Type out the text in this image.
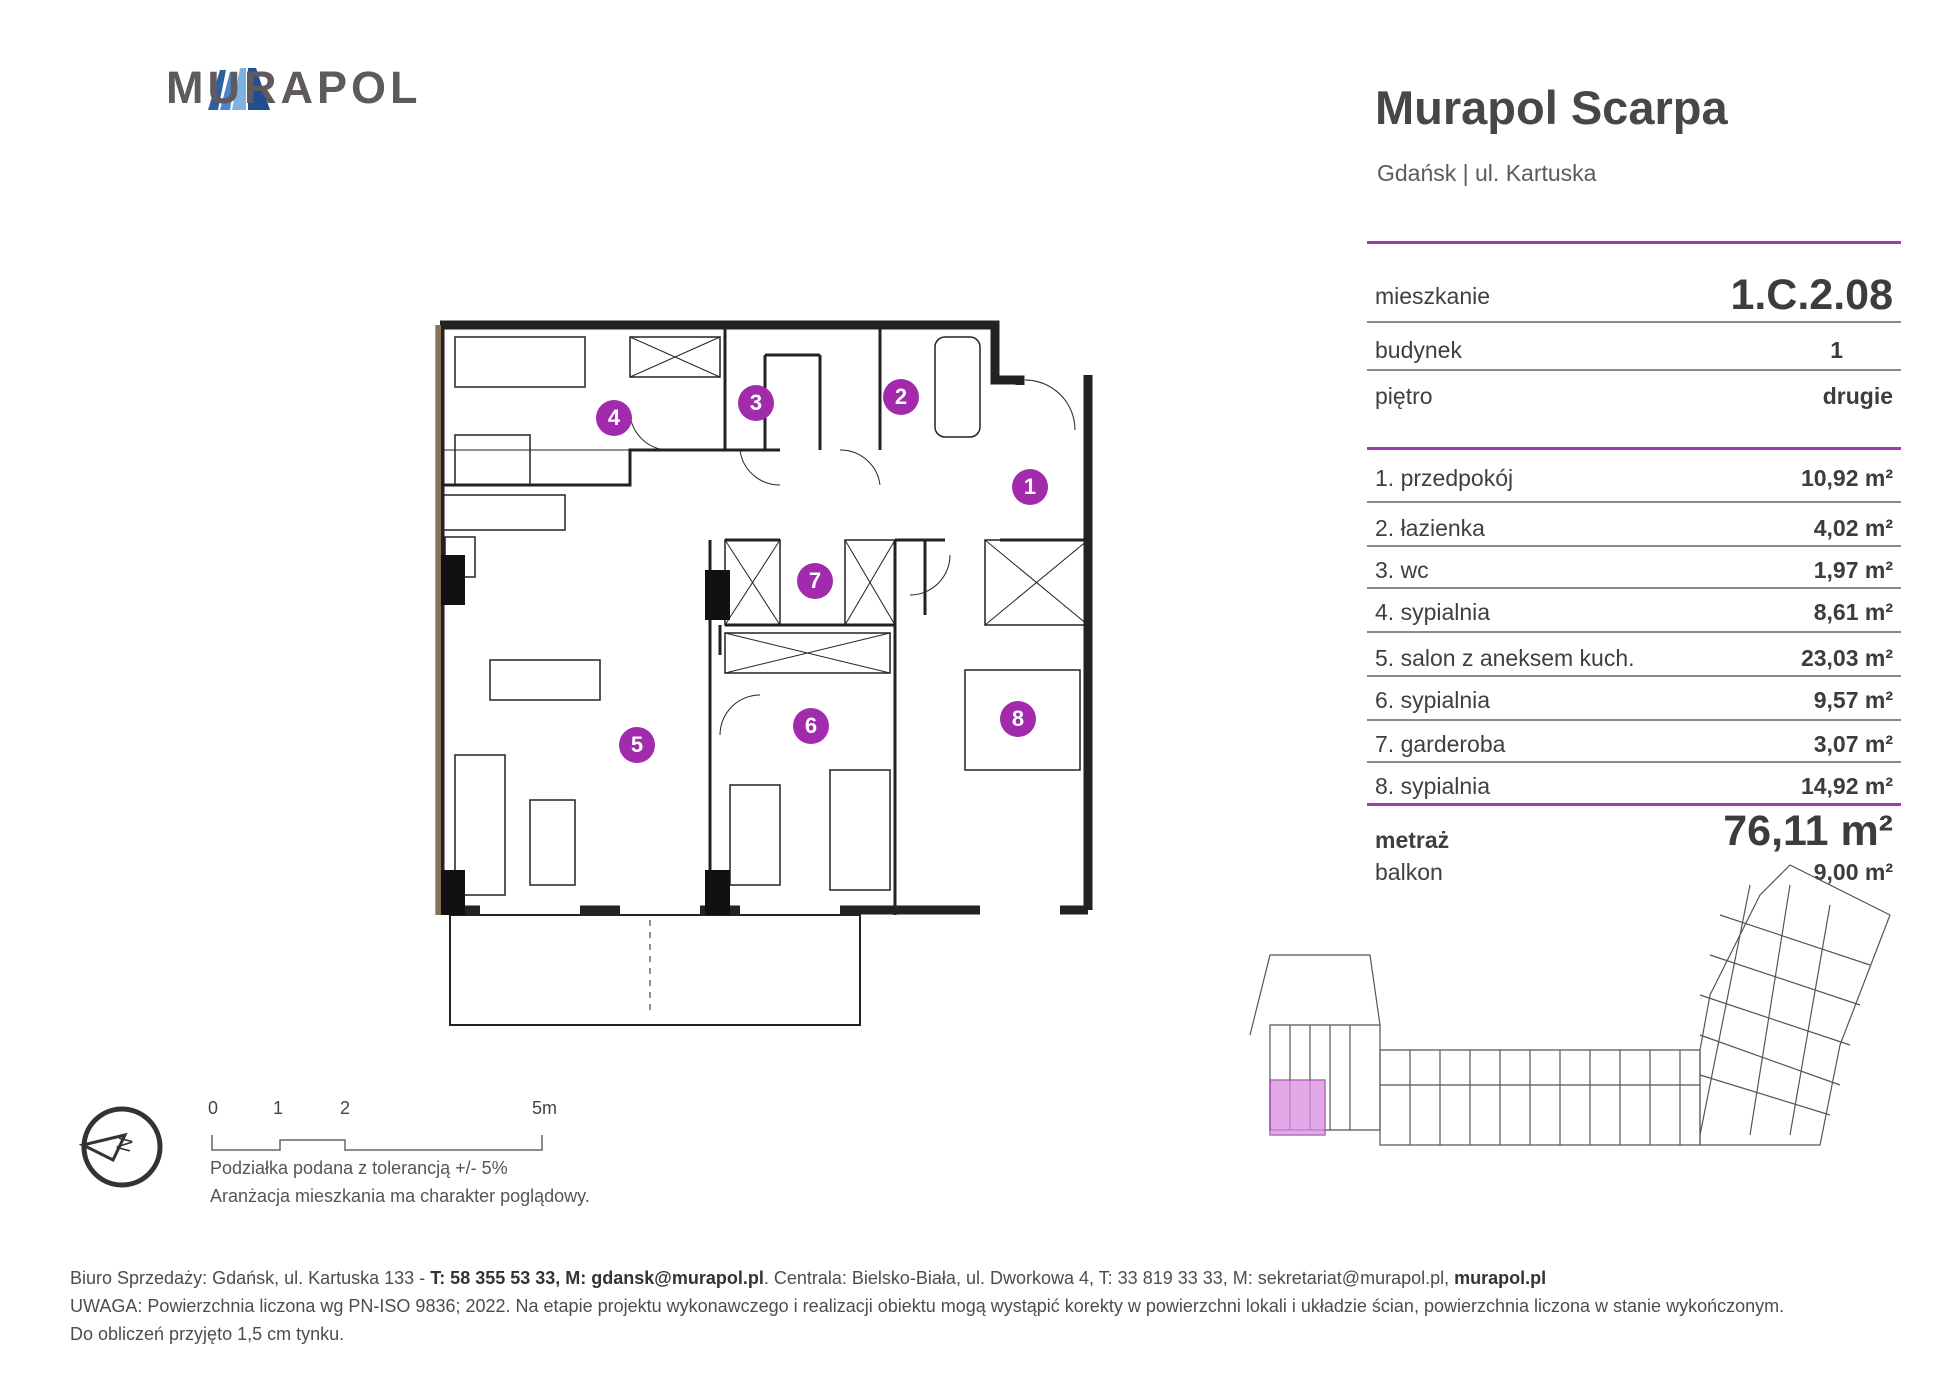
MURAPOL	Murapol Scarpa
Gdańsk | ul. Kartuska
mieszkanie	1.C.2.08
budynek	1
piętro	drugie
1. przedpokój	10,92 m²
2. łazienka	4,02 m²
3. wc	1,97 m²
4. sypialnia	8,61 m²
5. salon z aneksem kuch.	23,03 m²
6. sypialnia	9,57 m²
7. garderoba	3,07 m²
8. sypialnia	14,92 m²
metraż	76,11 m²
balkon	9,00 m²
1
2
3
4
5
6
7
8
0	1	2	5m
N
Podziałka podana z tolerancją +/- 5%
Aranżacja mieszkania ma charakter poglądowy.
Biuro Sprzedaży: Gdańsk, ul. Kartuska 133 - T: 58 355 53 33, M: gdansk@murapol.pl. Centrala: Bielsko-Biała, ul. Dworkowa 4, T: 33 819 33 33, M: sekretariat@murapol.pl, murapol.pl
UWAGA: Powierzchnia liczona wg PN-ISO 9836; 2022. Na etapie projektu wykonawczego i realizacji obiektu mogą wystąpić korekty w powierzchni lokali i układzie ścian, powierzchnia liczona w stanie wykończonym.
Do obliczeń przyjęto 1,5 cm tynku.
